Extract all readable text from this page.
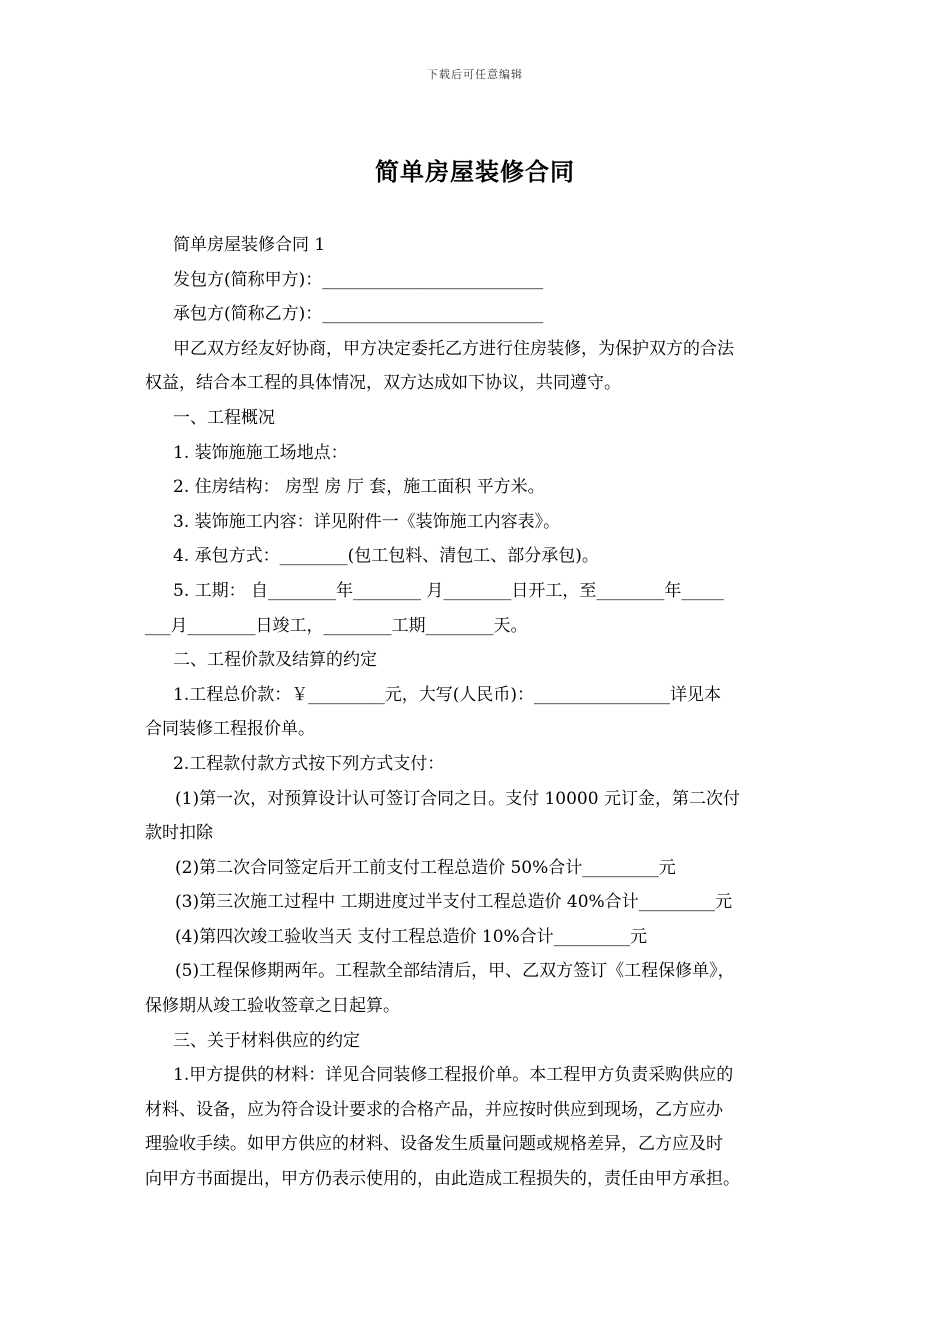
下载后可任意编辑
简单房屋装修合同

简单房屋装修合同 1

发包方(简称甲方)：__________________________

承包方(简称乙方)：__________________________

甲乙双方经友好协商，甲方决定委托乙方进行住房装修，为保护双方的合法

权益，结合本工程的具体情况，双方达成如下协议，共同遵守。

一、工程概况

1. 装饰施施工场地点：

2. 住房结构： 房型 房 厅 套，施工面积 平方米。

3. 装饰施工内容：详见附件一《装饰施工内容表》。

4. 承包方式：________(包工包料、清包工、部分承包)。

5. 工期： 自________年________ 月________日开工，至________年_____

___月________日竣工，________工期________天。

二、工程价款及结算的约定

1.工程总价款：￥_________元，大写(人民币)：________________详见本

合同装修工程报价单。

2.工程款付款方式按下列方式支付：

(1)第一次，对预算设计认可签订合同之日。支付 10000 元订金，第二次付

款时扣除

(2)第二次合同签定后开工前支付工程总造价 50%合计_________元

(3)第三次施工过程中 工期进度过半支付工程总造价 40%合计_________元

(4)第四次竣工验收当天 支付工程总造价 10%合计_________元

(5)工程保修期两年。工程款全部结清后，甲、乙双方签订《工程保修单》，

保修期从竣工验收签章之日起算。

三、关于材料供应的约定

1.甲方提供的材料：详见合同装修工程报价单。本工程甲方负责采购供应的

材料、设备，应为符合设计要求的合格产品，并应按时供应到现场，乙方应办

理验收手续。如甲方供应的材料、设备发生质量问题或规格差异，乙方应及时

向甲方书面提出，甲方仍表示使用的，由此造成工程损失的，责任由甲方承担。
